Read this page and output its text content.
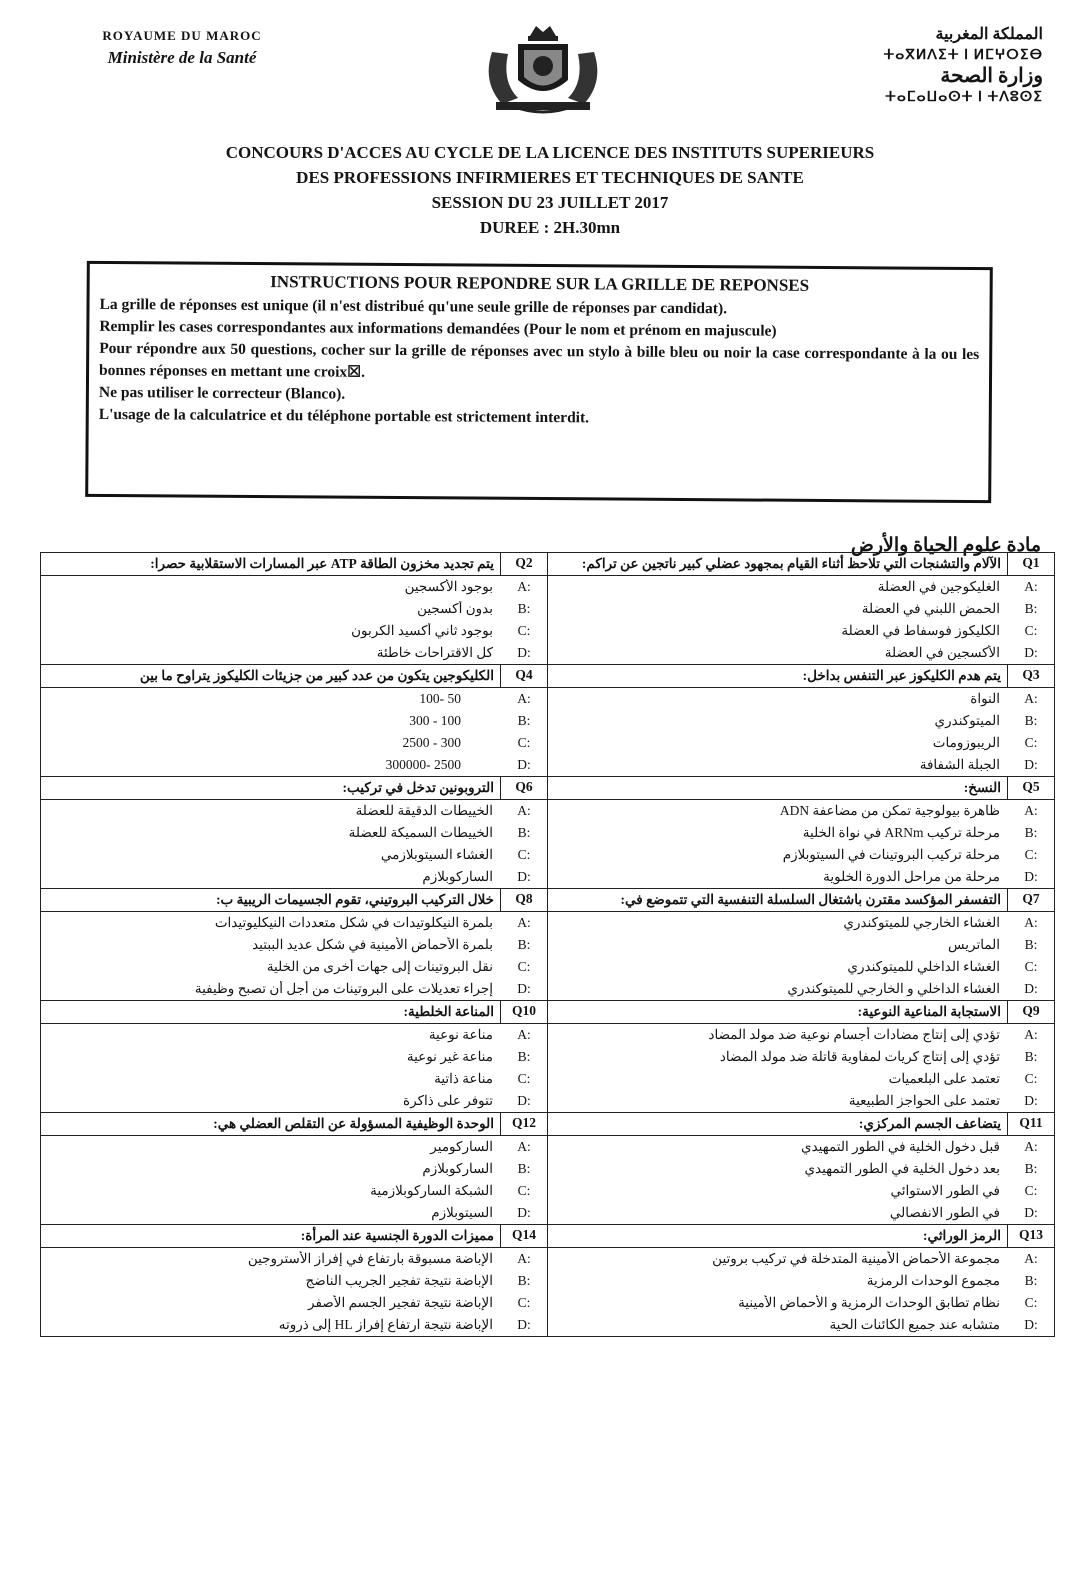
ROYAUME DU MAROC
Ministère de la Santé
المملكة المغربية
ⵜⴰⴳⵍⴷⵉⵜ ⵏ ⵍⵎⵖⵔⵉⴱ
وزارة الصحة
ⵜⴰⵎⴰⵡⴰⵙⵜ ⵏ ⵜⴷⵓⵙⵉ
CONCOURS D'ACCES AU CYCLE DE LA LICENCE DES INSTITUTS SUPERIEURS
DES PROFESSIONS INFIRMIERES ET TECHNIQUES DE SANTE
SESSION DU 23 JUILLET 2017
DUREE : 2H.30mn
INSTRUCTIONS POUR REPONDRE SUR LA GRILLE DE REPONSES

La grille de réponses est unique (il n'est distribué qu'une seule grille de réponses par candidat).

Remplir les cases correspondantes aux informations demandées (Pour le nom et prénom en majuscule)

Pour répondre aux 50 questions, cocher sur la grille de réponses avec un stylo à bille bleu ou noir la case correspondante à la ou les bonnes réponses en mettant une croix☒.

Ne pas utiliser le correcteur (Blanco).

L'usage de la calculatrice et du téléphone portable est strictement interdit.

مادة علوم الحياة والأرض
يتم تجديد مخزون الطاقة ATP عبر المسارات الاستقلابية حصرا:	Q2
بوجود الأكسجين	A:
بدون أكسجين	B:
بوجود ثاني أكسيد الكربون	C:
كل الاقتراحات خاطئة	D:
الكليكوجين يتكون من عدد كبير من جزيئات الكليكوز يتراوح ما بين	Q4
100- 50	A:
300 - 100	B:
2500 - 300	C:
300000- 2500	D:
التروبونين تدخل في تركيب:	Q6
الخييطات الدقيقة للعضلة	A:
الخييطات السميكة للعضلة	B:
الغشاء السيتوبلازمي	C:
الساركوبلازم	D:
خلال التركيب البروتيني، تقوم الجسيمات الريبية ب:	Q8
بلمرة النيكلوتيدات في شكل متعددات النيكليوتيدات	A:
بلمرة الأحماض الأمينية في شكل عديد الببتيد	B:
نقل البروتينات إلى جهات أخرى من الخلية	C:
إجراء تعديلات على البروتينات من أجل أن تصبح وظيفية	D:
المناعة الخلطية:	Q10
مناعة نوعية	A:
مناعة غير نوعية	B:
مناعة ذاتية	C:
تتوفر على ذاكرة	D:
الوحدة الوظيفية المسؤولة عن التقلص العضلي هي:	Q12
الساركومير	A:
الساركوبلازم	B:
الشبكة الساركوبلازمية	C:
السيتوبلازم	D:
مميزات الدورة الجنسية عند المرأة:	Q14
الإباضة مسبوقة بارتفاع في إفراز الأستروجين	A:
الإباضة نتيجة تفجير الجريب الناضج	B:
الإباضة نتيجة تفجير الجسم الأصفر	C:
الإباضة نتيجة ارتفاع إفراز HL إلى ذروته	D:

الآلام والتشنجات التي تلاحظ أثناء القيام بمجهود عضلي كبير ناتجين عن تراكم:	Q1
الغليكوجين في العضلة	A:
الحمض اللبني في العضلة	B:
الكليكوز فوسفاط في العضلة	C:
الأكسجين في العضلة	D:
يتم هدم الكليكوز عبر التنفس بداخل:	Q3
النواة	A:
الميتوكندري	B:
الريبوزومات	C:
الجبلة الشفافة	D:
النسخ:	Q5
ظاهرة بيولوجية تمكن من مضاعفة ADN	A:
مرحلة تركيب ARNm في نواة الخلية	B:
مرحلة تركيب البروتينات في السيتوبلازم	C:
مرحلة من مراحل الدورة الخلوية	D:
التفسفر المؤكسد مقترن باشتغال السلسلة التنفسية التي تتموضع في:	Q7
الغشاء الخارجي للميتوكندري	A:
الماتريس	B:
الغشاء الداخلي للميتوكندري	C:
الغشاء الداخلي و الخارجي للميتوكندري	D:
الاستجابة المناعية النوعية:	Q9
تؤدي إلى إنتاج مضادات أجسام نوعية ضد مولد المضاد	A:
تؤدي إلى إنتاج كريات لمفاوية قاتلة ضد مولد المضاد	B:
تعتمد على البلعميات	C:
تعتمد على الحواجز الطبيعية	D:
يتضاعف الجسم المركزي:	Q11
قبل دخول الخلية في الطور التمهيدي	A:
بعد دخول الخلية في الطور التمهيدي	B:
في الطور الاستوائي	C:
في الطور الانفصالي	D:
الرمز الوراثي:	Q13
مجموعة الأحماض الأمينية المتدخلة في تركيب بروتين	A:
مجموع الوحدات الرمزية	B:
نظام تطابق الوحدات الرمزية و الأحماض الأمينية	C:
متشابه عند جميع الكائنات الحية	D:
